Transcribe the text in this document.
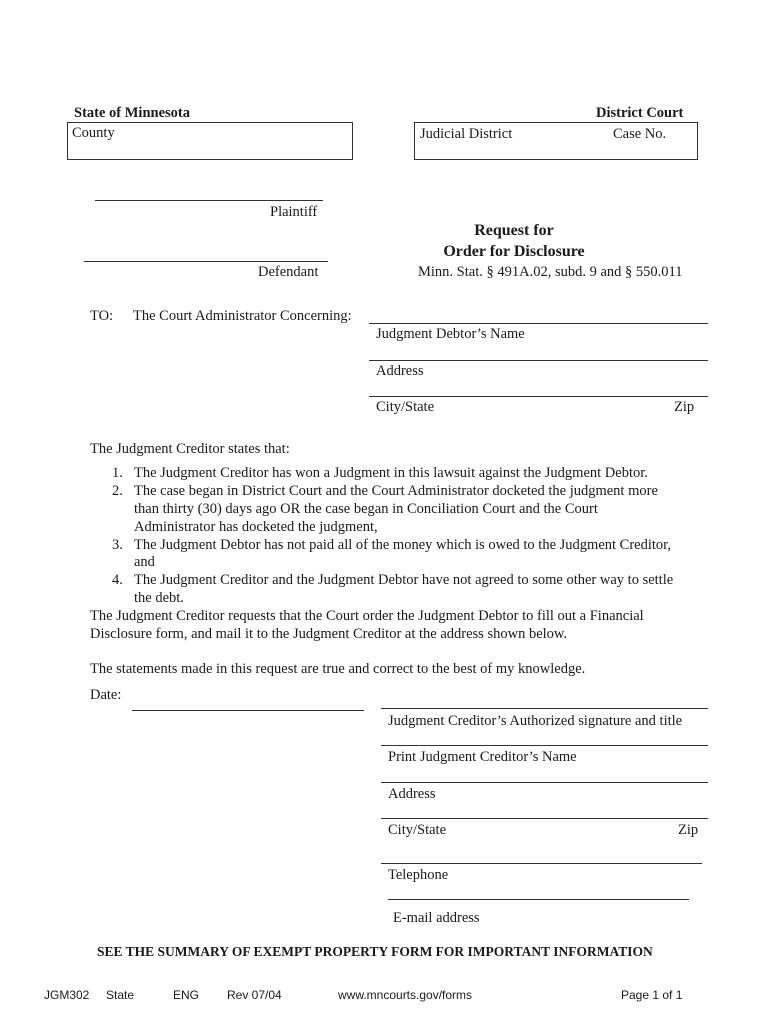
State of Minnesota	District Court
County	Judicial District	Case No.
Plaintiff
Defendant
Request for
Order for Disclosure
Minn. Stat. § 491A.02, subd. 9 and § 550.011
TO: The Court Administrator Concerning:
Judgment Debtor’s Name
Address
City/State	Zip
The Judgment Creditor states that:
1. The Judgment Creditor has won a Judgment in this lawsuit against the Judgment Debtor.
2. The case began in District Court and the Court Administrator docketed the judgment more
than thirty (30) days ago OR the case began in Conciliation Court and the Court
Administrator has docketed the judgment,
3. The Judgment Debtor has not paid all of the money which is owed to the Judgment Creditor,
and
4. The Judgment Creditor and the Judgment Debtor have not agreed to some other way to settle
the debt.
The Judgment Creditor requests that the Court order the Judgment Debtor to fill out a Financial
Disclosure form, and mail it to the Judgment Creditor at the address shown below.
The statements made in this request are true and correct to the best of my knowledge.
Date:
Judgment Creditor’s Authorized signature and title
Print Judgment Creditor’s Name
Address
City/State	Zip
Telephone
E-mail address
SEE THE SUMMARY OF EXEMPT PROPERTY FORM FOR IMPORTANT INFORMATION
JGM302 State	ENG Rev 07/04	www.mncourts.gov/forms	Page 1 of 1
